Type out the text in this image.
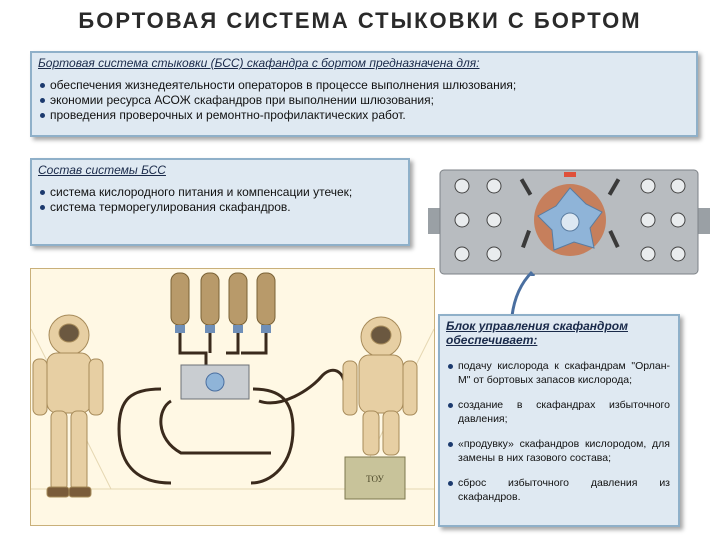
БОРТОВАЯ СИСТЕМА СТЫКОВКИ С БОРТОМ
Бортовая система стыковки (БСС) скафандра с бортом предназначена для:
обеспечения жизнедеятельности операторов в процессе выполнения шлюзования;
экономии ресурса АСОЖ скафандров при выполнении шлюзования;
проведения проверочных и ремонтно-профилактических работ.
Состав системы БСС
система кислородного питания и компенсации утечек;
система терморегулирования скафандров.
ТОУ
Блок управления скафандром обеспечивает:
подачу кислорода к скафандрам "Орлан-М" от бортовых запасов кислорода;
создание в скафандрах избыточного давления;
«продувку» скафандров кислородом, для замены в них газового состава;
сброс избыточного давления из скафандров.
